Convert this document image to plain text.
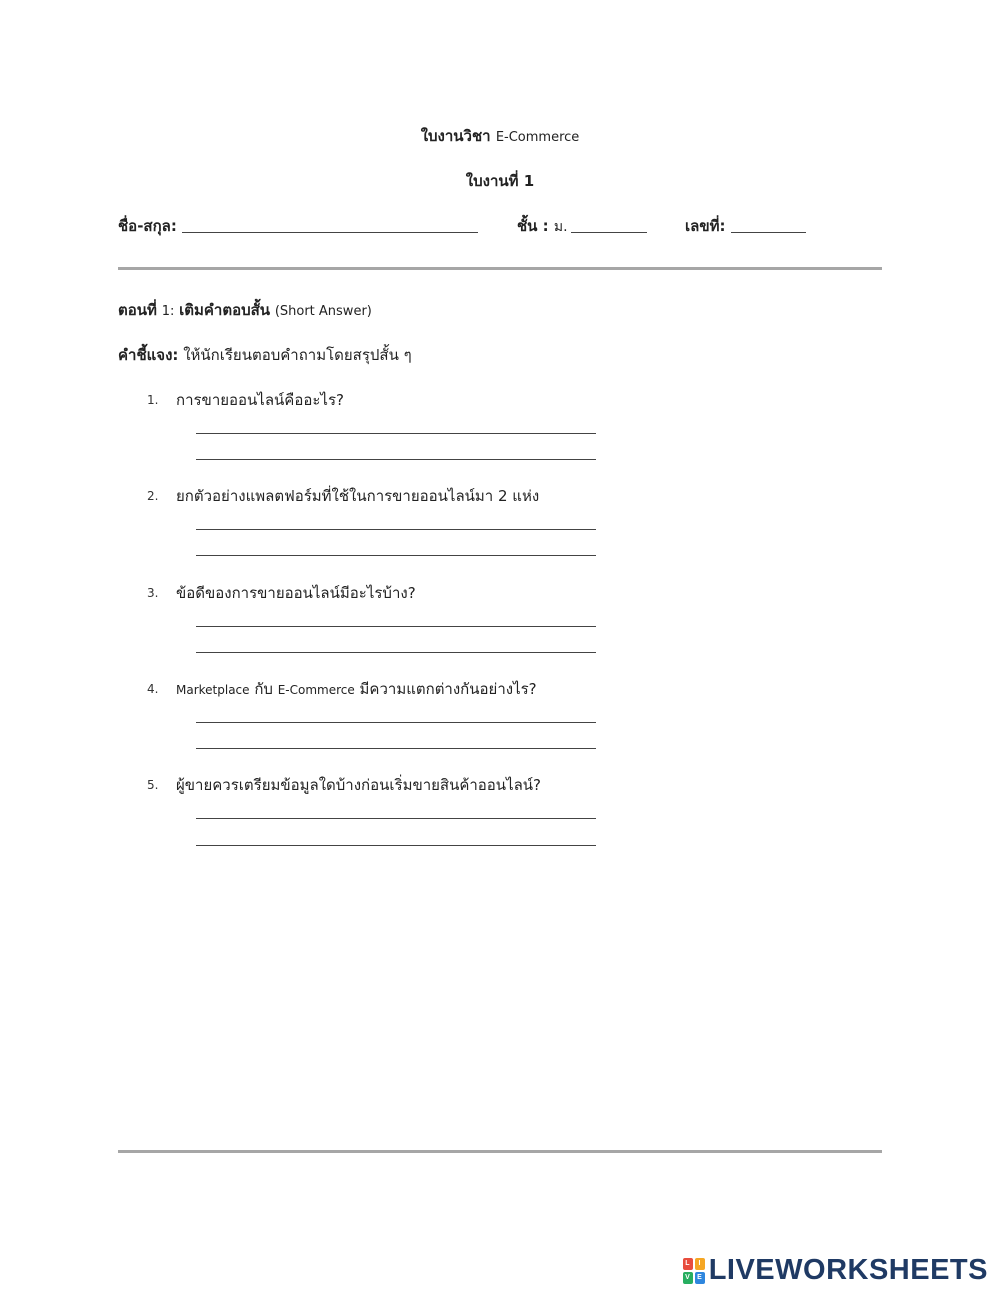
ใบงานวิชา E-Commerce
ใบงานที่ 1
ชื่อ-สกุล:	ชั้น : ม.	เลขที่:
ตอนที่ 1: เติมคำตอบสั้น (Short Answer)
คำชี้แจง: ให้นักเรียนตอบคำถามโดยสรุปสั้น ๆ
1. การขายออนไลน์คืออะไร?
2. ยกตัวอย่างแพลตฟอร์มที่ใช้ในการขายออนไลน์มา 2 แห่ง
3. ข้อดีของการขายออนไลน์มีอะไรบ้าง?
4. Marketplace กับ E-Commerce มีความแตกต่างกันอย่างไร?
5. ผู้ขายควรเตรียมข้อมูลใดบ้างก่อนเริ่มขายสินค้าออนไลน์?
L	I
V E LIVEWORKSHEETS
